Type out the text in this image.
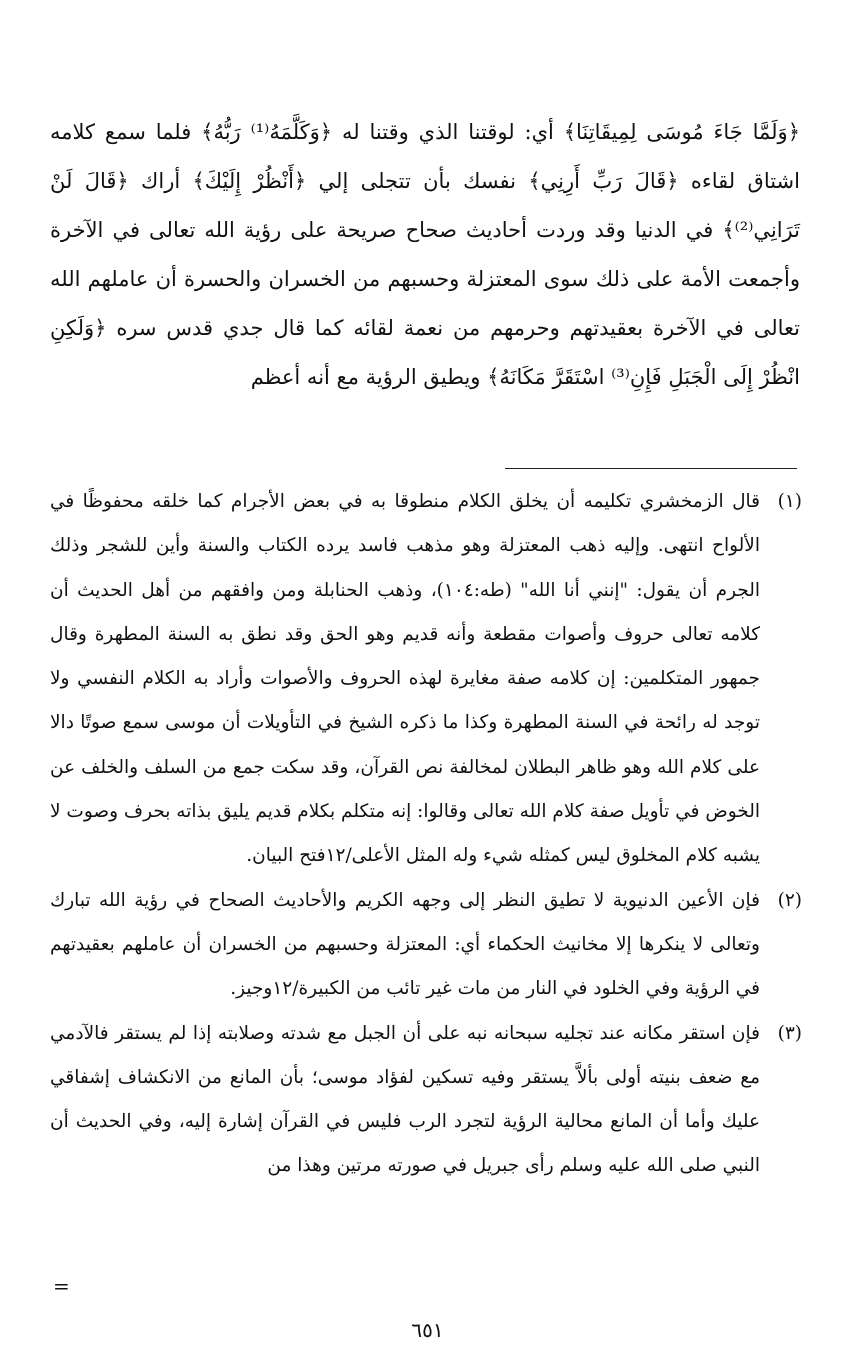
﴿وَلَمَّا جَاءَ مُوسَى لِمِيقَاتِنَا﴾ أي: لوقتنا الذي وقتنا له ﴿وَكَلَّمَهُ⁽¹⁾ رَبُّهُ﴾ فلما سمع كلامه اشتاق لقاءه ﴿قَالَ رَبِّ أَرِنِي﴾ نفسك بأن تتجلى إلي ﴿أَنْظُرْ إِلَيْكَ﴾ أراك ﴿قَالَ لَنْ تَرَانِي⁽²⁾﴾ في الدنيا وقد وردت أحاديث صحاح صريحة على رؤية الله تعالى في الآخرة وأجمعت الأمة على ذلك سوى المعتزلة وحسبهم من الخسران والحسرة أن عاملهم الله تعالى في الآخرة بعقيدتهم وحرمهم من نعمة لقائه كما قال جدي قدس سره ﴿وَلَكِنِ انْظُرْ إِلَى الْجَبَلِ فَإِنِ⁽³⁾ اسْتَقَرَّ مَكَانَهُ﴾ ويطيق الرؤية مع أنه أعظم

(١)
قال الزمخشري تكليمه أن يخلق الكلام منطوقا به في بعض الأجرام كما خلقه محفوظًا في الألواح انتهى. وإليه ذهب المعتزلة وهو مذهب فاسد يرده الكتاب والسنة وأين للشجر وذلك الجرم أن يقول: "إنني أنا الله" (طه:١٠٤)، وذهب الحنابلة ومن وافقهم من أهل الحديث أن كلامه تعالى حروف وأصوات مقطعة وأنه قديم وهو الحق وقد نطق به السنة المطهرة وقال جمهور المتكلمين: إن كلامه صفة مغايرة لهذه الحروف والأصوات وأراد به الكلام النفسي ولا توجد له رائحة في السنة المطهرة وكذا ما ذكره الشيخ في التأويلات أن موسى سمع صوتًا دالا على كلام الله وهو ظاهر البطلان لمخالفة نص القرآن، وقد سكت جمع من السلف والخلف عن الخوض في تأويل صفة كلام الله تعالى وقالوا: إنه متكلم بكلام قديم يليق بذاته بحرف وصوت لا يشبه كلام المخلوق ليس كمثله شيء وله المثل الأعلى/١٢فتح البيان.
(٢)
فإن الأعين الدنيوية لا تطيق النظر إلى وجهه الكريم والأحاديث الصحاح في رؤية الله تبارك وتعالى لا ينكرها إلا مخانيث الحكماء أي: المعتزلة وحسبهم من الخسران أن عاملهم بعقيدتهم في الرؤية وفي الخلود في النار من مات غير تائب من الكبيرة/١٢وجيز.
(٣)
فإن استقر مكانه عند تجليه سبحانه نبه على أن الجبل مع شدته وصلابته إذا لم يستقر فالآدمي مع ضعف بنيته أولى بألاَّ يستقر وفيه تسكين لفؤاد موسى؛ بأن المانع من الانكشاف إشفاقي عليك وأما أن المانع محالية الرؤية لتجرد الرب فليس في القرآن إشارة إليه، وفي الحديث أن النبي صلى الله عليه وسلم رأى جبريل في صورته مرتين وهذا من
=
٦٥١
